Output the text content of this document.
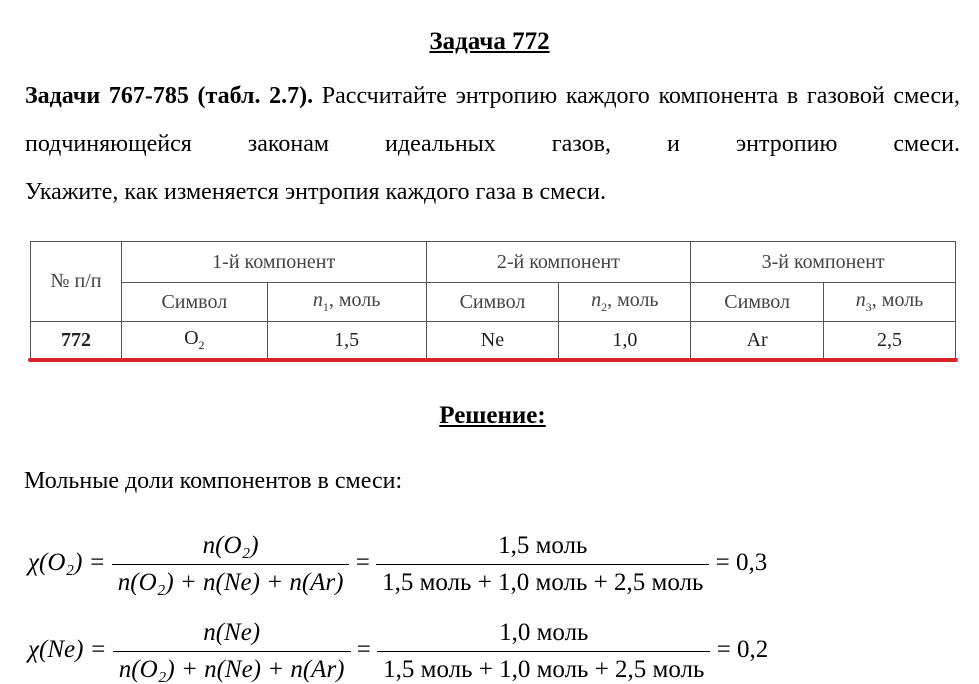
Задача 772
Задачи 767-785 (табл. 2.7). Рассчитайте энтропию каждого компонента в газовой смеси, подчиняющейся законам идеальных газов, и энтропию смеси.
Укажите, как изменяется энтропия каждого газа в смеси.
№ п/п	1-й компонент		2-й компонент		3-й компонент	
	Символ	$n_1$, моль	Символ	$n_2$, моль	Символ	$n_3$, моль
772	$O_2$	1,5	Ne	1,0	Ar	2,5
Решение:
Мольные доли компонентов в смеси:
$\chi(O_2) = \frac{\text{n(O₂)}}{\text{n(O₂) + n(Ne) + n(Ar)}} = \frac{\text{1,5 моль}}{\text{1,5 моль + 1,0 моль + 2,5 моль}} = 0,3$
$\chi(Ne) = \frac{n(Ne)}{\text{n(O₂) + n(Ne) + n(Ar)}} = \frac{\text{1,0 моль}}{\text{1,5 моль + 1,0 моль + 2,5 моль}} = 0,2$
